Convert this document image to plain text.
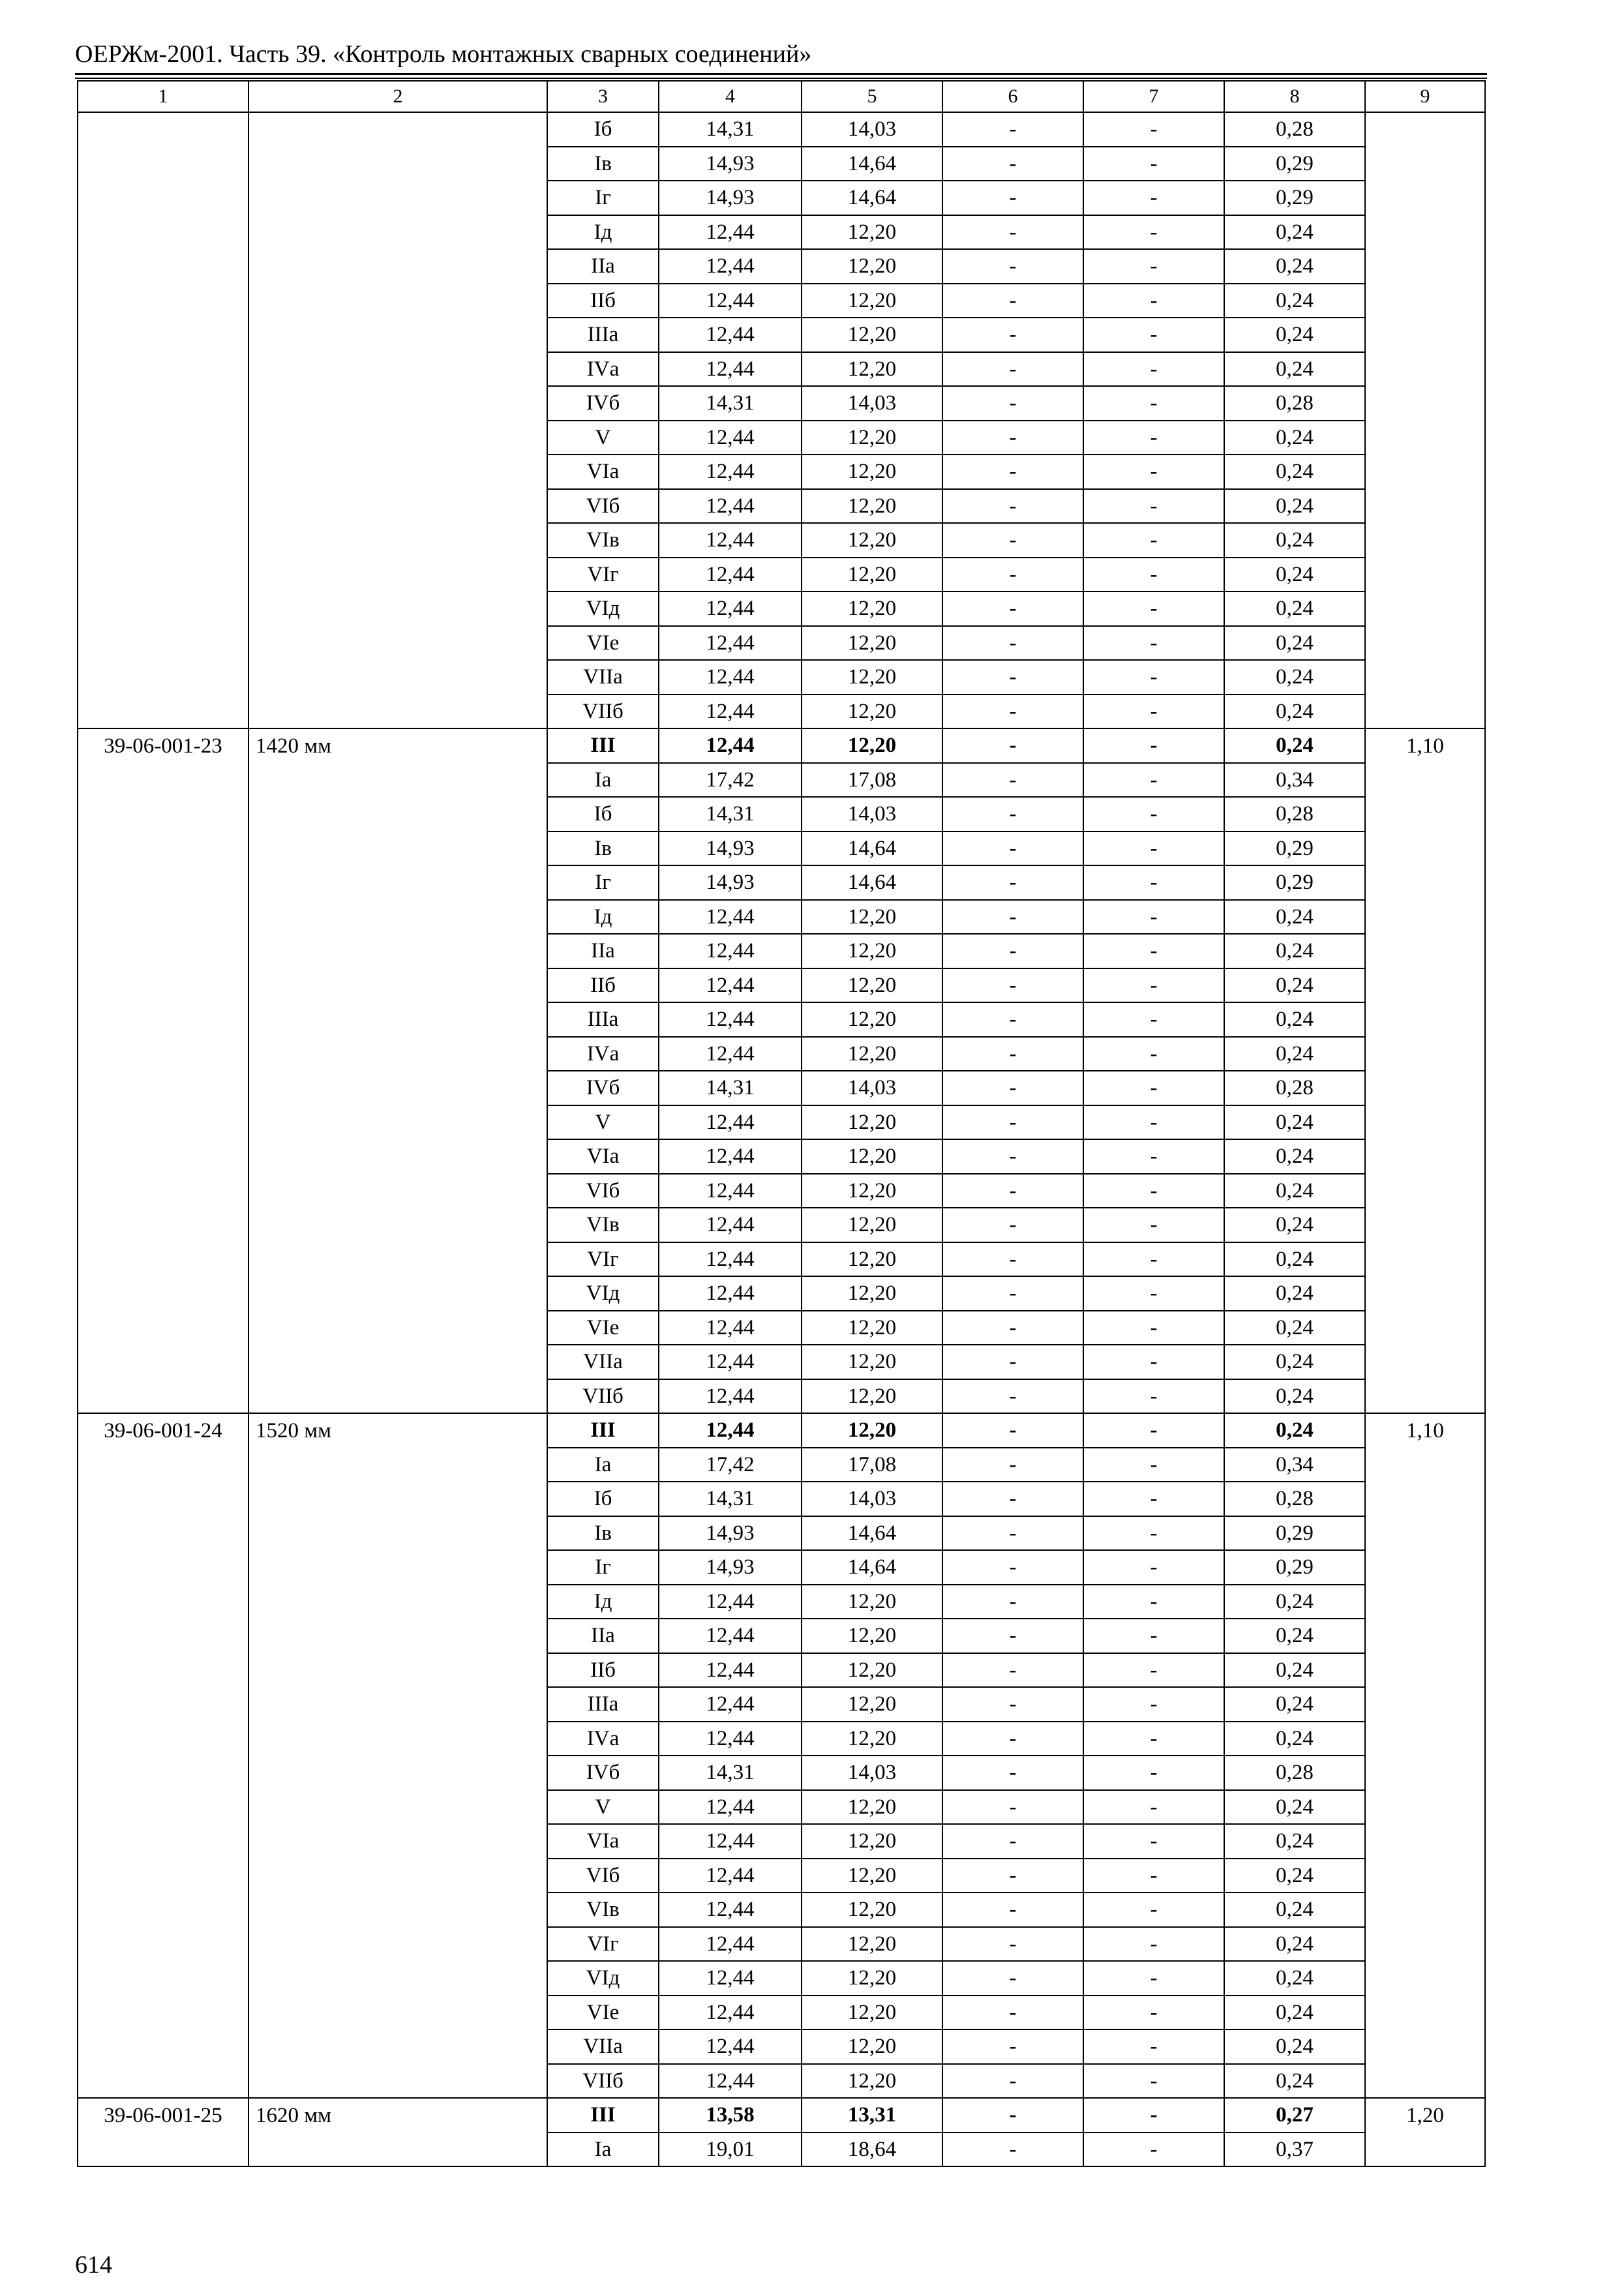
ОЕРЖм-2001. Часть 39. «Контроль монтажных сварных соединений»
1	2	3	4	5	6	7	8	9
		Iб	14,31	14,03	-	-	0,28	
		Iв	14,93	14,64	-	-	0,29	
		Iг	14,93	14,64	-	-	0,29	
		Iд	12,44	12,20	-	-	0,24	
		IIа	12,44	12,20	-	-	0,24	
		IIб	12,44	12,20	-	-	0,24	
		IIIа	12,44	12,20	-	-	0,24	
		IVа	12,44	12,20	-	-	0,24	
		IVб	14,31	14,03	-	-	0,28	
		V	12,44	12,20	-	-	0,24	
		VIа	12,44	12,20	-	-	0,24	
		VIб	12,44	12,20	-	-	0,24	
		VIв	12,44	12,20	-	-	0,24	
		VIг	12,44	12,20	-	-	0,24	
		VIд	12,44	12,20	-	-	0,24	
		VIе	12,44	12,20	-	-	0,24	
		VIIа	12,44	12,20	-	-	0,24	
		VIIб	12,44	12,20	-	-	0,24	
39-06-001-23	1420 мм	III	12,44	12,20	-	-	0,24	1,10
		Iа	17,42	17,08	-	-	0,34	
		Iб	14,31	14,03	-	-	0,28	
		Iв	14,93	14,64	-	-	0,29	
		Iг	14,93	14,64	-	-	0,29	
		Iд	12,44	12,20	-	-	0,24	
		IIа	12,44	12,20	-	-	0,24	
		IIб	12,44	12,20	-	-	0,24	
		IIIа	12,44	12,20	-	-	0,24	
		IVа	12,44	12,20	-	-	0,24	
		IVб	14,31	14,03	-	-	0,28	
		V	12,44	12,20	-	-	0,24	
		VIа	12,44	12,20	-	-	0,24	
		VIб	12,44	12,20	-	-	0,24	
		VIв	12,44	12,20	-	-	0,24	
		VIг	12,44	12,20	-	-	0,24	
		VIд	12,44	12,20	-	-	0,24	
		VIе	12,44	12,20	-	-	0,24	
		VIIа	12,44	12,20	-	-	0,24	
		VIIб	12,44	12,20	-	-	0,24	
39-06-001-24	1520 мм	III	12,44	12,20	-	-	0,24	1,10
		Iа	17,42	17,08	-	-	0,34	
		Iб	14,31	14,03	-	-	0,28	
		Iв	14,93	14,64	-	-	0,29	
		Iг	14,93	14,64	-	-	0,29	
		Iд	12,44	12,20	-	-	0,24	
		IIа	12,44	12,20	-	-	0,24	
		IIб	12,44	12,20	-	-	0,24	
		IIIа	12,44	12,20	-	-	0,24	
		IVа	12,44	12,20	-	-	0,24	
		IVб	14,31	14,03	-	-	0,28	
		V	12,44	12,20	-	-	0,24	
		VIа	12,44	12,20	-	-	0,24	
		VIб	12,44	12,20	-	-	0,24	
		VIв	12,44	12,20	-	-	0,24	
		VIг	12,44	12,20	-	-	0,24	
		VIд	12,44	12,20	-	-	0,24	
		VIе	12,44	12,20	-	-	0,24	
		VIIа	12,44	12,20	-	-	0,24	
		VIIб	12,44	12,20	-	-	0,24	
39-06-001-25	1620 мм	III	13,58	13,31	-	-	0,27	1,20
		Iа	19,01	18,64	-	-	0,37	
614
